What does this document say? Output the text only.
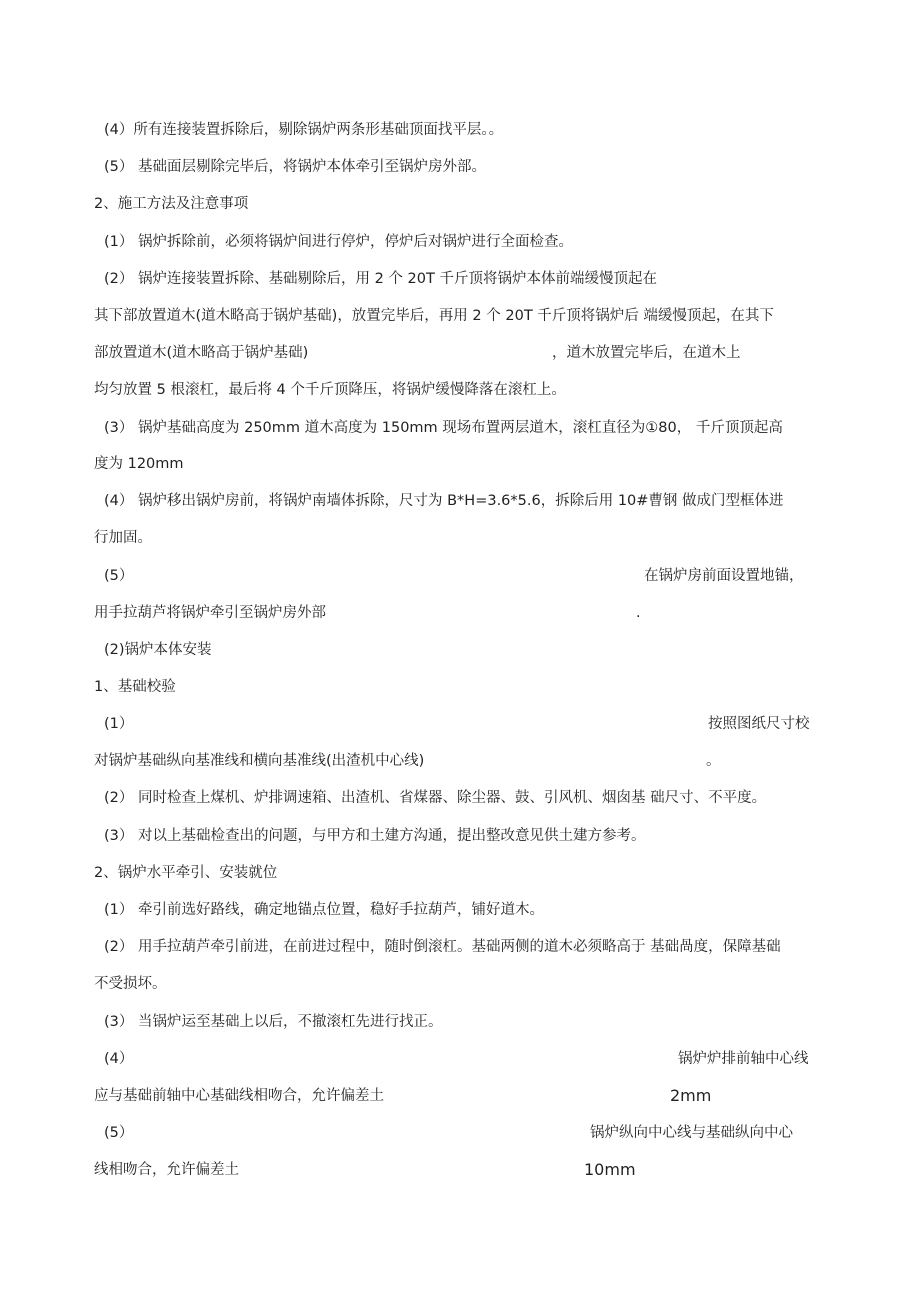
(4）所有连接装置拆除后，剔除锅炉两条形基础顶面找平层。。
(5） 基础面层剔除完毕后，将锅炉本体牵引至锅炉房外部。
2、施工方法及注意事项
(1） 锅炉拆除前，必须将锅炉间进行停炉，停炉后对锅炉进行全面检查。
(2） 锅炉连接装置拆除、基础剔除后，用 2 个 20T 千斤顶将锅炉本体前端缓慢顶起在
其下部放置道木(道木略高于锅炉基础)，放置完毕后，再用 2 个 20T 千斤顶将锅炉后 端缓慢顶起，在其下
部放置道木(道木略高于锅炉基础)	，道木放置完毕后，在道木上
均匀放置 5 根滚杠，最后将 4 个千斤顶降压，将锅炉缓慢降落在滚杠上。
(3） 锅炉基础高度为 250mm 道木高度为 150mm 现场布置两层道木，滚杠直径为①80， 千斤顶顶起高
度为 120mm
(4） 锅炉移出锅炉房前，将锅炉南墙体拆除，尺寸为 B*H=3.6*5.6，拆除后用 10#曹钢 做成门型框体进
行加固。
(5）	在锅炉房前面设置地锚，
用手拉葫芦将锅炉牵引至锅炉房外部	.
(2)锅炉本体安装
1、基础校验
(1）	按照图纸尺寸校
对锅炉基础纵向基准线和横向基准线(出渣机中心线)	。
(2） 同时检查上煤机、炉排调速箱、出渣机、省煤器、除尘器、鼓、引风机、烟囱基 础尺寸、不平度。
(3） 对以上基础检查出的问题，与甲方和土建方沟通，提出整改意见供土建方参考。
2、锅炉水平牵引、安装就位
(1） 牵引前选好路线，确定地锚点位置，稳好手拉葫芦，铺好道木。
(2） 用手拉葫芦牵引前进，在前进过程中，随时倒滚杠。基础两侧的道木必须略高于 基础咼度，保障基础
不受损坏。
(3） 当锅炉运至基础上以后，不撤滚杠先进行找正。
(4）	锅炉炉排前轴中心线
应与基础前轴中心基础线相吻合，允许偏差土	2mm
(5）	锅炉纵向中心线与基础纵向中心
线相吻合，允许偏差土	10mm
